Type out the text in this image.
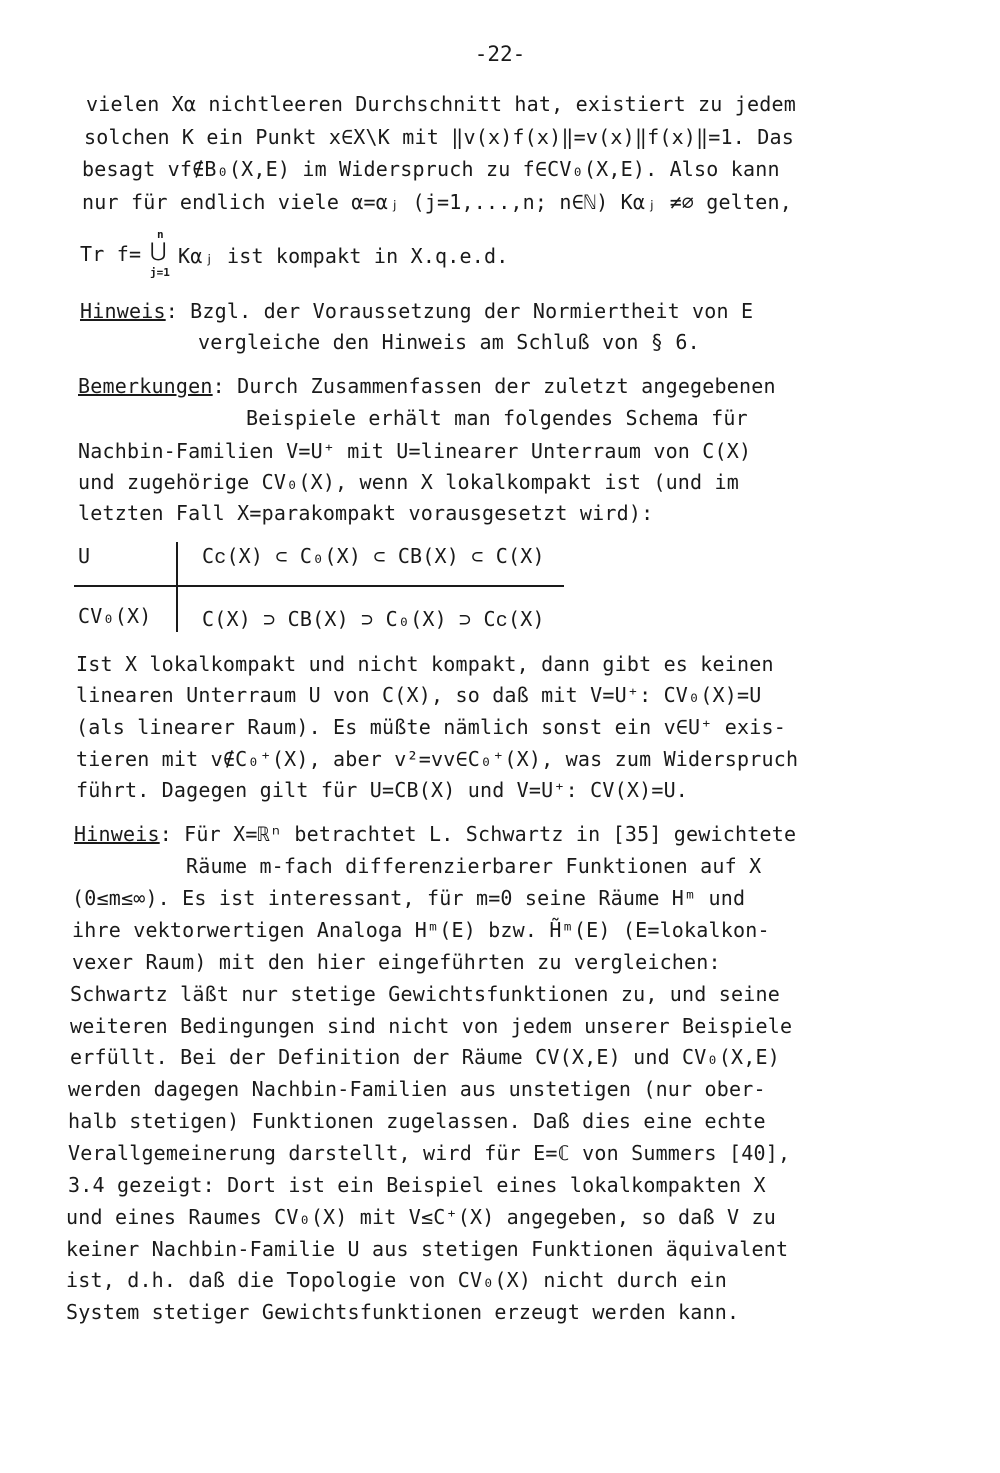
-22-
vielen Xα nichtleeren Durchschnitt hat, existiert zu jedem
solchen K ein Punkt x∈X\K mit ‖v(x)f(x)‖=v(x)‖f(x)‖=1. Das
besagt vf∉B₀(X,E) im Widerspruch zu f∈CV₀(X,E). Also kann
nur für endlich viele α=αⱼ (j=1,...,n; n∈ℕ) Kαⱼ ≠∅ gelten,
Tr f=
n
⋃
j=1
Kαⱼ ist kompakt in X.q.e.d.
Hinweis: Bzgl. der Voraussetzung der Normiertheit von E
vergleiche den Hinweis am Schluß von § 6.
Bemerkungen: Durch Zusammenfassen der zuletzt angegebenen
Beispiele erhält man folgendes Schema für
Nachbin-Familien V=U⁺ mit U=linearer Unterraum von C(X)
und zugehörige CV₀(X), wenn X lokalkompakt ist (und im
letzten Fall X=parakompakt vorausgesetzt wird):
U	Cᴄ(X) ⊂ C₀(X) ⊂ CB(X) ⊂ C(X)
CV₀(X)	C(X) ⊃ CB(X) ⊃ C₀(X) ⊃ Cᴄ(X)
Ist X lokalkompakt und nicht kompakt, dann gibt es keinen
linearen Unterraum U von C(X), so daß mit V=U⁺: CV₀(X)=U
(als linearer Raum). Es müßte nämlich sonst ein v∈U⁺ exis-
tieren mit v∉C₀⁺(X), aber v²=vv∈C₀⁺(X), was zum Widerspruch
führt. Dagegen gilt für U=CB(X) und V=U⁺: CV(X)=U.
Hinweis: Für X=ℝⁿ betrachtet L. Schwartz in [35] gewichtete
Räume m-fach differenzierbarer Funktionen auf X
(0≤m≤∞). Es ist interessant, für m=0 seine Räume Hᵐ und
ihre vektorwertigen Analoga Hᵐ(E) bzw. H̃ᵐ(E) (E=lokalkon-
vexer Raum) mit den hier eingeführten zu vergleichen:
Schwartz läßt nur stetige Gewichtsfunktionen zu, und seine
weiteren Bedingungen sind nicht von jedem unserer Beispiele
erfüllt. Bei der Definition der Räume CV(X,E) und CV₀(X,E)
werden dagegen Nachbin-Familien aus unstetigen (nur ober-
halb stetigen) Funktionen zugelassen. Daß dies eine echte
Verallgemeinerung darstellt, wird für E=ℂ von Summers [40],
3.4 gezeigt: Dort ist ein Beispiel eines lokalkompakten X
und eines Raumes CV₀(X) mit V≤C⁺(X) angegeben, so daß V zu
keiner Nachbin-Familie U aus stetigen Funktionen äquivalent
ist, d.h. daß die Topologie von CV₀(X) nicht durch ein
System stetiger Gewichtsfunktionen erzeugt werden kann.
